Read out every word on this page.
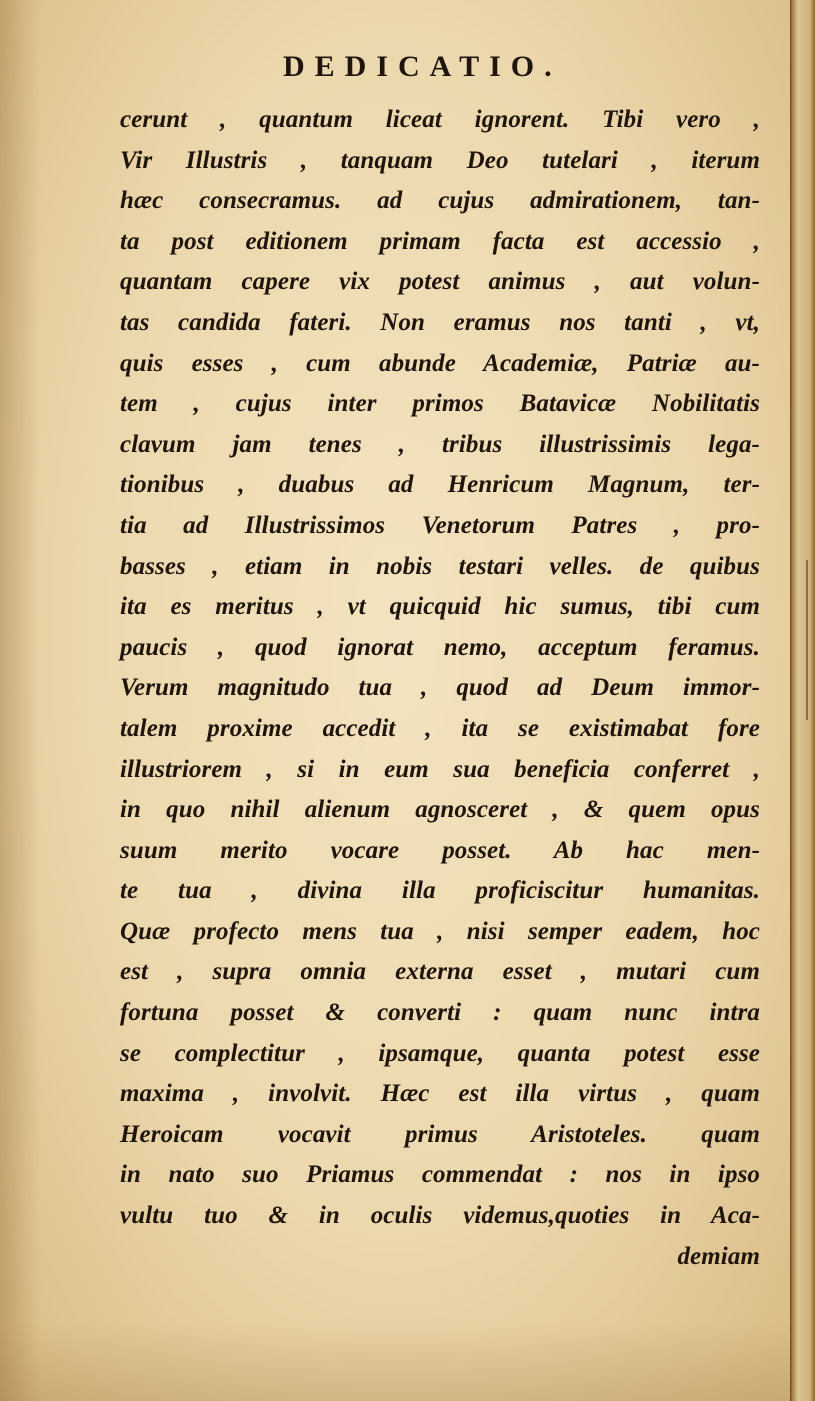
DEDICATIO.
cerunt , quantum liceat ignorent. Tibi vero ,
Vir Illustris , tanquam Deo tutelari , iterum
hæc consecramus. ad cujus admirationem, tan-
ta post editionem primam facta est accessio ,
quantam capere vix potest animus , aut volun-
tas candida fateri. Non eramus nos tanti , vt,
quis esses , cum abunde Academiæ, Patriæ au-
tem , cujus inter primos Batavicæ Nobilitatis
clavum jam tenes , tribus illustrissimis lega-
tionibus , duabus ad Henricum Magnum, ter-
tia ad Illustrissimos Venetorum Patres , pro-
basses , etiam in nobis testari velles. de quibus
ita es meritus , vt quicquid hic sumus, tibi cum
paucis , quod ignorat nemo, acceptum feramus.
Verum magnitudo tua , quod ad Deum immor-
talem proxime accedit , ita se existimabat fore
illustriorem , si in eum sua beneficia conferret ,
in quo nihil alienum agnosceret , & quem opus
suum merito vocare posset. Ab hac men-
te tua , divina illa proficiscitur humanitas.
Quæ profecto mens tua , nisi semper eadem, hoc
est , supra omnia externa esset , mutari cum
fortuna posset & converti : quam nunc intra
se complectitur , ipsamque, quanta potest esse
maxima , involvit. Hæc est illa virtus , quam
Heroicam vocavit primus Aristoteles. quam
in nato suo Priamus commendat : nos in ipso
vultu tuo & in oculis videmus,quoties in Aca-
demiam
